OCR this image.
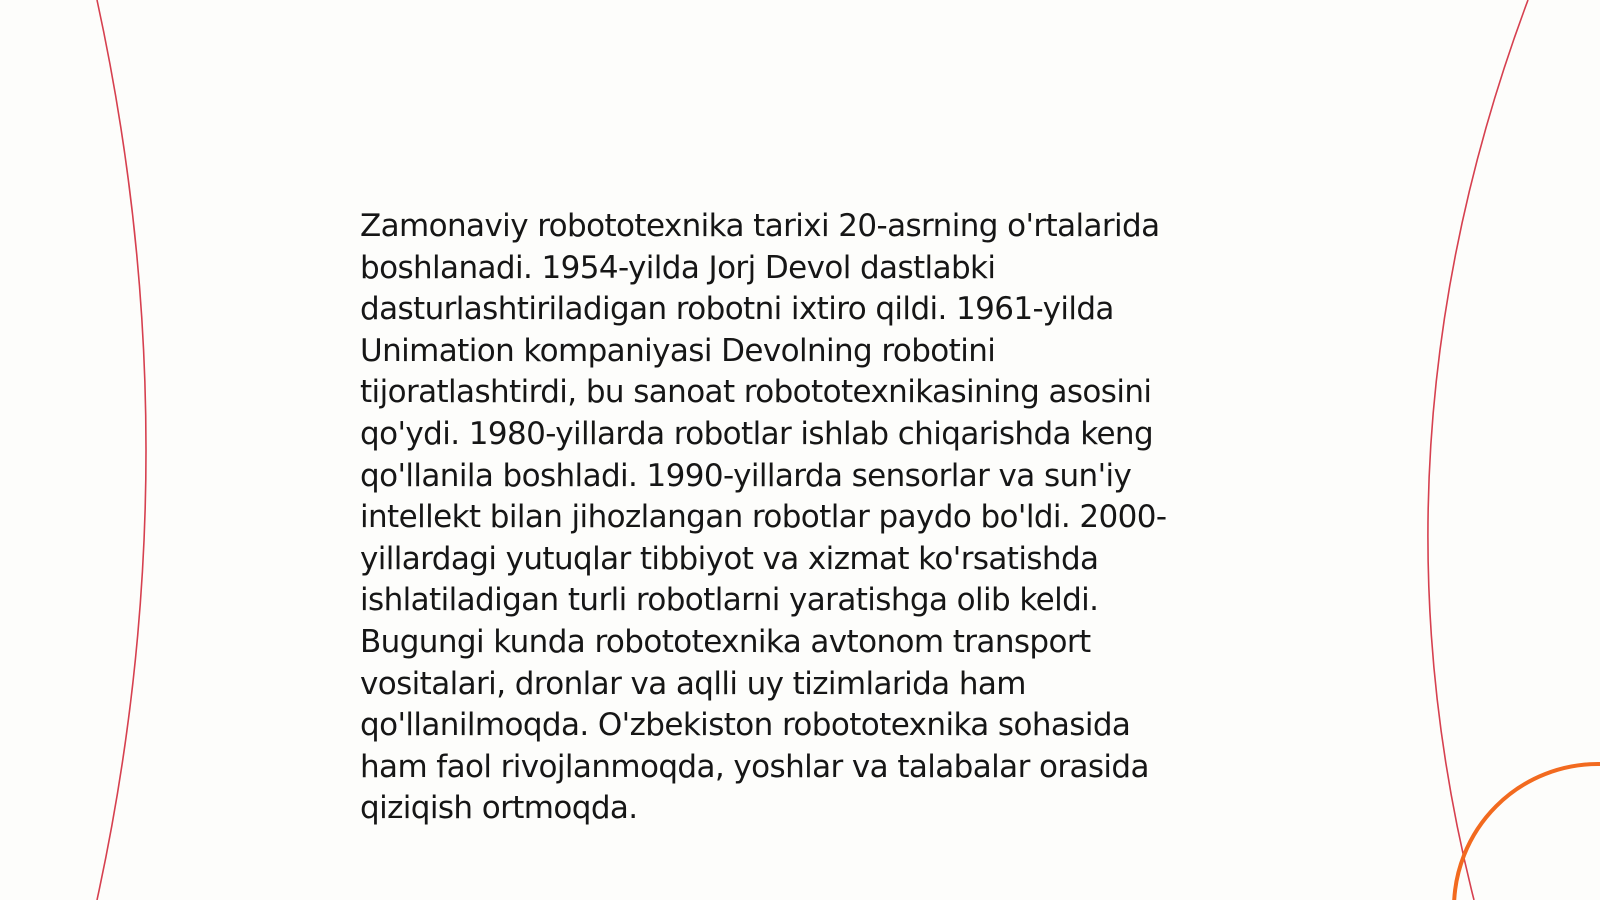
Zamonaviy robototexnika tarixi 20-asrning o'rtalarida
boshlanadi. 1954-yilda Jorj Devol dastlabki
dasturlashtiriladigan robotni ixtiro qildi. 1961-yilda
Unimation kompaniyasi Devolning robotini
tijoratlashtirdi, bu sanoat robototexnikasining asosini
qo'ydi. 1980-yillarda robotlar ishlab chiqarishda keng
qo'llanila boshladi. 1990-yillarda sensorlar va sun'iy
intellekt bilan jihozlangan robotlar paydo bo'ldi. 2000-
yillardagi yutuqlar tibbiyot va xizmat ko'rsatishda
ishlatiladigan turli robotlarni yaratishga olib keldi.
Bugungi kunda robototexnika avtonom transport
vositalari, dronlar va aqlli uy tizimlarida ham
qo'llanilmoqda. O'zbekiston robototexnika sohasida
ham faol rivojlanmoqda, yoshlar va talabalar orasida
qiziqish ortmoqda.
